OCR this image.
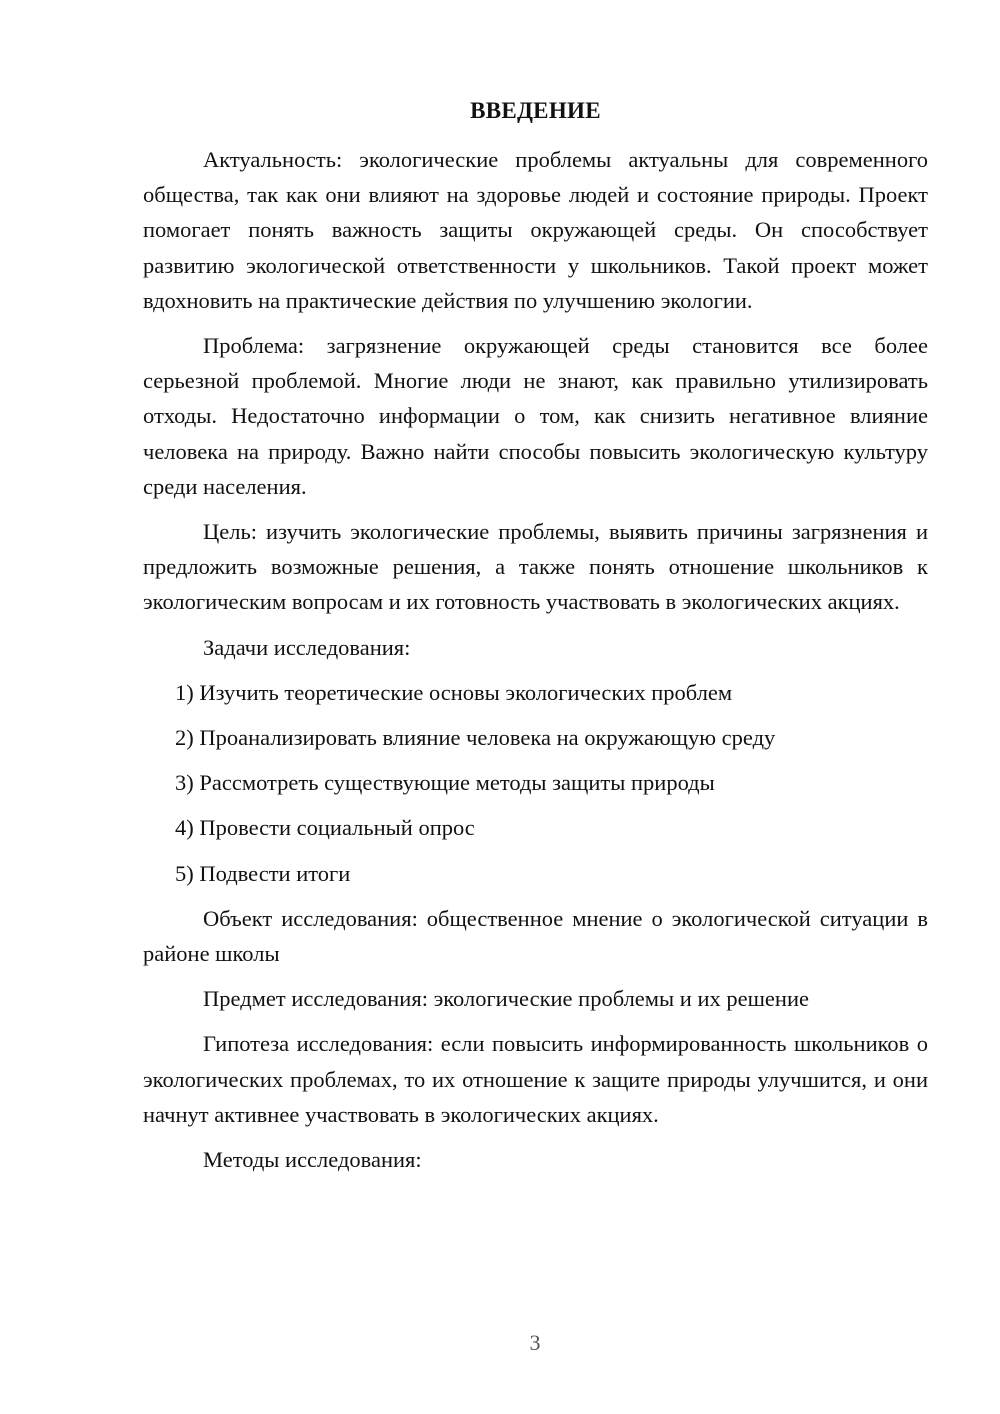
ВВЕДЕНИЕ

Актуальность: экологические проблемы актуальны для современного общества, так как они влияют на здоровье людей и состояние природы. Проект помогает понять важность защиты окружающей среды. Он способствует развитию экологической ответственности у школьников. Такой проект может вдохновить на практические действия по улучшению экологии.

Проблема: загрязнение окружающей среды становится все более серьезной проблемой. Многие люди не знают, как правильно утилизировать отходы. Недостаточно информации о том, как снизить негативное влияние человека на природу. Важно найти способы повысить экологическую культуру среди населения.

Цель: изучить экологические проблемы, выявить причины загрязнения и предложить возможные решения, а также понять отношение школьников к экологическим вопросам и их готовность участвовать в экологических акциях.

Задачи исследования:

1) Изучить теоретические основы экологических проблем
2) Проанализировать влияние человека на окружающую среду
3) Рассмотреть существующие методы защиты природы
4) Провести социальный опрос
5) Подвести итоги

Объект исследования: общественное мнение о экологической ситуации в районе школы

Предмет исследования: экологические проблемы и их решение

Гипотеза исследования: если повысить информированность школьников о экологических проблемах, то их отношение к защите природы улучшится, и они начнут активнее участвовать в экологических акциях.

Методы исследования:

3
